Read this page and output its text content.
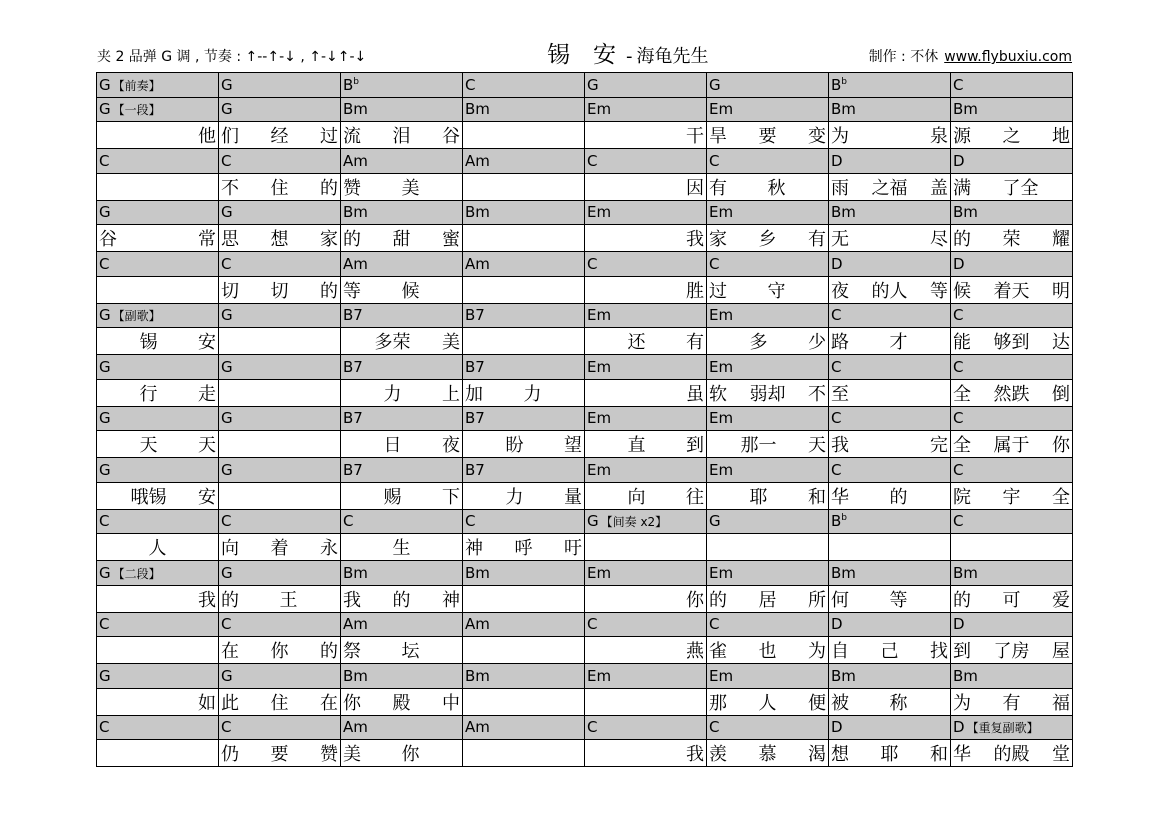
夹 2 品弹 G 调 , 节奏 : ↑--↑-↓ , ↑-↓↑-↓	锡　安 - 海龟先生	制作 : 不休 www.flybuxiu.com
G 【前奏】	G	$B^b$	C	G	G	$B^b$	C
G 【一段】	G	Bm	Bm	Em	Em	Bm	Bm

他	们 经 过	流 泪 谷		干	旱 要 变	为 泉	源 之 地

C	C	Am	Am	C	C	D	D

	不 住 的	赞 美		因	有 秋	雨 之福 盖	满 了全

G	G	Bm	Bm	Em	Em	Bm	Bm

谷 常	思 想 家	的 甜 蜜		我	家 乡 有	无 尽	的 荣 耀

C	C	Am	Am	C	C	D	D

	切 切 的	等 候		胜	过 守	夜 的人 等	候 着天 明

G 【副歌】	G	B7	B7	Em	Em	C	C

锡 安		多荣 美		还 有	多 少	路 才	能 够到 达

G	G	B7	B7	Em	Em	C	C

行 走		力 上	加 力	虽	软 弱却 不	至	全 然跌 倒

G	G	B7	B7	Em	Em	C	C

天 天		日 夜	盼 望	直 到	那一 天	我 完	全 属于 你

G	G	B7	B7	Em	Em	C	C

哦锡 安		赐 下	力 量	向 往	耶 和	华 的	院 宇 全

C	C	C	C	G 【间奏 x2】	G	$B^b$	C

人	向 着 永	生	神 呼 吁				

G 【二段】	G	Bm	Bm	Em	Em	Bm	Bm

我	的 王	我 的 神		你	的 居 所	何 等	的 可 爱

C	C	Am	Am	C	C	D	D

	在 你 的	祭 坛		燕	雀 也 为	自 己 找	到 了房 屋

G	G	Bm	Bm	Em	Em	Bm	Bm

如	此 住 在	你 殿 中			那 人 便	被 称	为 有 福

C	C	Am	Am	C	C	D	D 【重复副歌】

	仍 要 赞	美 你		我	羡 慕 渴	想 耶 和	华 的殿 堂
